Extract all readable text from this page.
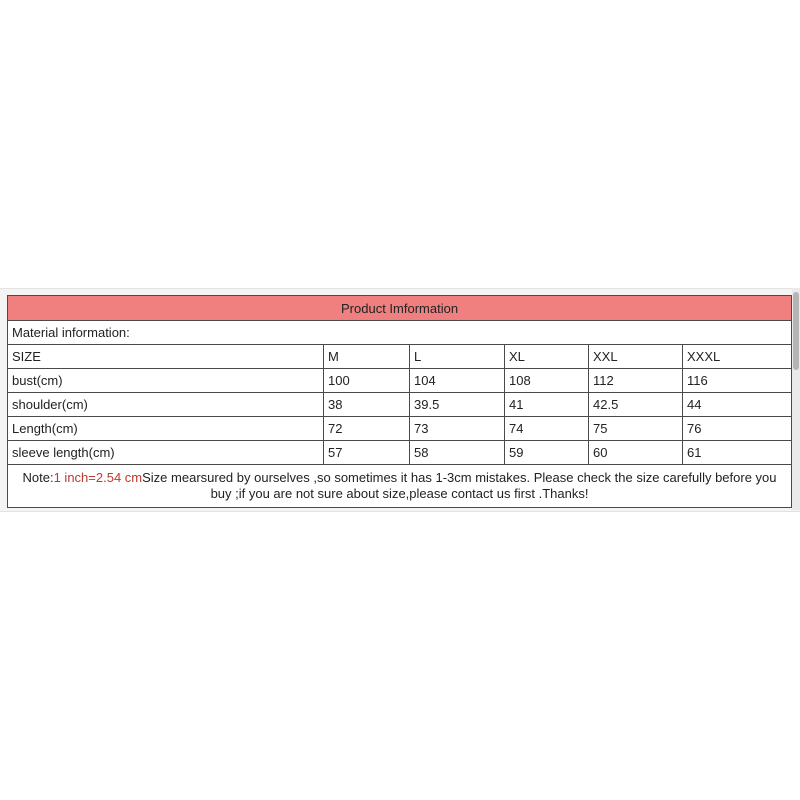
Product Imformation					
Material information:					
SIZE	M	L	XL	XXL	XXXL
bust(cm)	100	104	108	112	116
shoulder(cm)	38	39.5	41	42.5	44
Length(cm)	72	73	74	75	76
sleeve length(cm)	57	58	59	60	61
Note:1 inch=2.54 cmSize mearsured by ourselves ,so sometimes it has 1-3cm mistakes. Please check the size carefully before you buy ;if you are not sure about size,please contact us first .Thanks!					
